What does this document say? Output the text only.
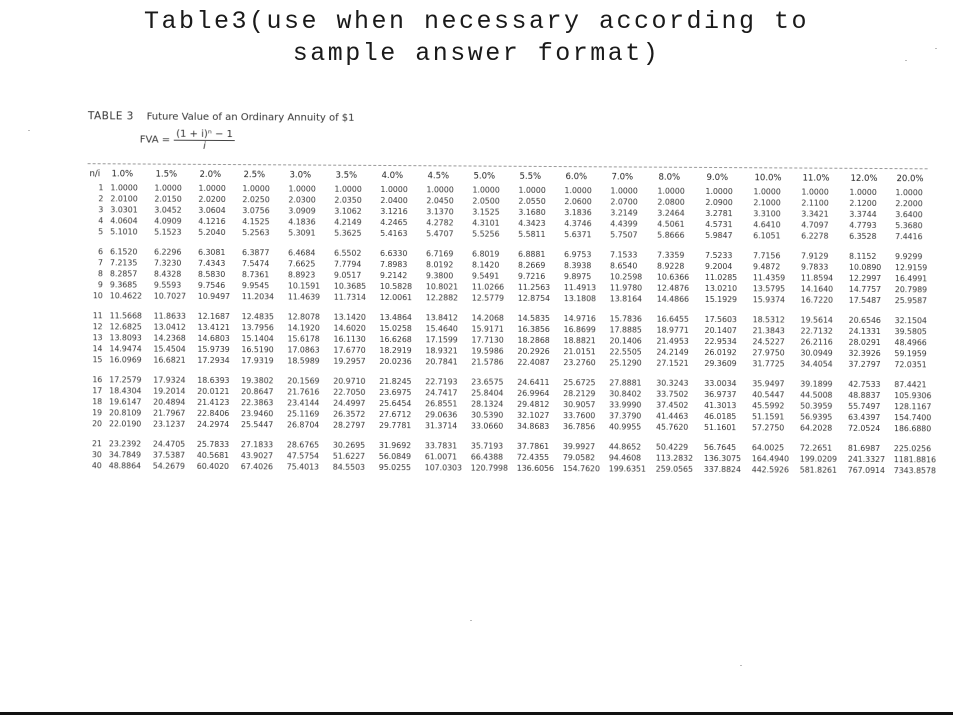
Table3(use when necessary according to
sample answer format)
TABLE 3 Future Value of an Ordinary Annuity of $1
FVA = $\frac{\text{(1 + i)ⁿ − 1}}{i}$
n/i	1.0%	1.5%	2.0%	2.5%	3.0%	3.5%	4.0%	4.5%	5.0%	5.5%	6.0%	7.0%	8.0%	9.0%	10.0%	11.0%	12.0%	20.0%
1	1.0000	1.0000	1.0000	1.0000	1.0000	1.0000	1.0000	1.0000	1.0000	1.0000	1.0000	1.0000	1.0000	1.0000	1.0000	1.0000	1.0000	1.0000
2	2.0100	2.0150	2.0200	2.0250	2.0300	2.0350	2.0400	2.0450	2.0500	2.0550	2.0600	2.0700	2.0800	2.0900	2.1000	2.1100	2.1200	2.2000
3	3.0301	3.0452	3.0604	3.0756	3.0909	3.1062	3.1216	3.1370	3.1525	3.1680	3.1836	3.2149	3.2464	3.2781	3.3100	3.3421	3.3744	3.6400
4	4.0604	4.0909	4.1216	4.1525	4.1836	4.2149	4.2465	4.2782	4.3101	4.3423	4.3746	4.4399	4.5061	4.5731	4.6410	4.7097	4.7793	5.3680
5	5.1010	5.1523	5.2040	5.2563	5.3091	5.3625	5.4163	5.4707	5.5256	5.5811	5.6371	5.7507	5.8666	5.9847	6.1051	6.2278	6.3528	7.4416

6	6.1520	6.2296	6.3081	6.3877	6.4684	6.5502	6.6330	6.7169	6.8019	6.8881	6.9753	7.1533	7.3359	7.5233	7.7156	7.9129	8.1152	9.9299
7	7.2135	7.3230	7.4343	7.5474	7.6625	7.7794	7.8983	8.0192	8.1420	8.2669	8.3938	8.6540	8.9228	9.2004	9.4872	9.7833	10.0890	12.9159
8	8.2857	8.4328	8.5830	8.7361	8.8923	9.0517	9.2142	9.3800	9.5491	9.7216	9.8975	10.2598	10.6366	11.0285	11.4359	11.8594	12.2997	16.4991
9	9.3685	9.5593	9.7546	9.9545	10.1591	10.3685	10.5828	10.8021	11.0266	11.2563	11.4913	11.9780	12.4876	13.0210	13.5795	14.1640	14.7757	20.7989
10	10.4622	10.7027	10.9497	11.2034	11.4639	11.7314	12.0061	12.2882	12.5779	12.8754	13.1808	13.8164	14.4866	15.1929	15.9374	16.7220	17.5487	25.9587

11	11.5668	11.8633	12.1687	12.4835	12.8078	13.1420	13.4864	13.8412	14.2068	14.5835	14.9716	15.7836	16.6455	17.5603	18.5312	19.5614	20.6546	32.1504
12	12.6825	13.0412	13.4121	13.7956	14.1920	14.6020	15.0258	15.4640	15.9171	16.3856	16.8699	17.8885	18.9771	20.1407	21.3843	22.7132	24.1331	39.5805
13	13.8093	14.2368	14.6803	15.1404	15.6178	16.1130	16.6268	17.1599	17.7130	18.2868	18.8821	20.1406	21.4953	22.9534	24.5227	26.2116	28.0291	48.4966
14	14.9474	15.4504	15.9739	16.5190	17.0863	17.6770	18.2919	18.9321	19.5986	20.2926	21.0151	22.5505	24.2149	26.0192	27.9750	30.0949	32.3926	59.1959
15	16.0969	16.6821	17.2934	17.9319	18.5989	19.2957	20.0236	20.7841	21.5786	22.4087	23.2760	25.1290	27.1521	29.3609	31.7725	34.4054	37.2797	72.0351

16	17.2579	17.9324	18.6393	19.3802	20.1569	20.9710	21.8245	22.7193	23.6575	24.6411	25.6725	27.8881	30.3243	33.0034	35.9497	39.1899	42.7533	87.4421
17	18.4304	19.2014	20.0121	20.8647	21.7616	22.7050	23.6975	24.7417	25.8404	26.9964	28.2129	30.8402	33.7502	36.9737	40.5447	44.5008	48.8837	105.9306
18	19.6147	20.4894	21.4123	22.3863	23.4144	24.4997	25.6454	26.8551	28.1324	29.4812	30.9057	33.9990	37.4502	41.3013	45.5992	50.3959	55.7497	128.1167
19	20.8109	21.7967	22.8406	23.9460	25.1169	26.3572	27.6712	29.0636	30.5390	32.1027	33.7600	37.3790	41.4463	46.0185	51.1591	56.9395	63.4397	154.7400
20	22.0190	23.1237	24.2974	25.5447	26.8704	28.2797	29.7781	31.3714	33.0660	34.8683	36.7856	40.9955	45.7620	51.1601	57.2750	64.2028	72.0524	186.6880

21	23.2392	24.4705	25.7833	27.1833	28.6765	30.2695	31.9692	33.7831	35.7193	37.7861	39.9927	44.8652	50.4229	56.7645	64.0025	72.2651	81.6987	225.0256
30	34.7849	37.5387	40.5681	43.9027	47.5754	51.6227	56.0849	61.0071	66.4388	72.4355	79.0582	94.4608	113.2832	136.3075	164.4940	199.0209	241.3327	1181.8816
40	48.8864	54.2679	60.4020	67.4026	75.4013	84.5503	95.0255	107.0303	120.7998	136.6056	154.7620	199.6351	259.0565	337.8824	442.5926	581.8261	767.0914	7343.8578
